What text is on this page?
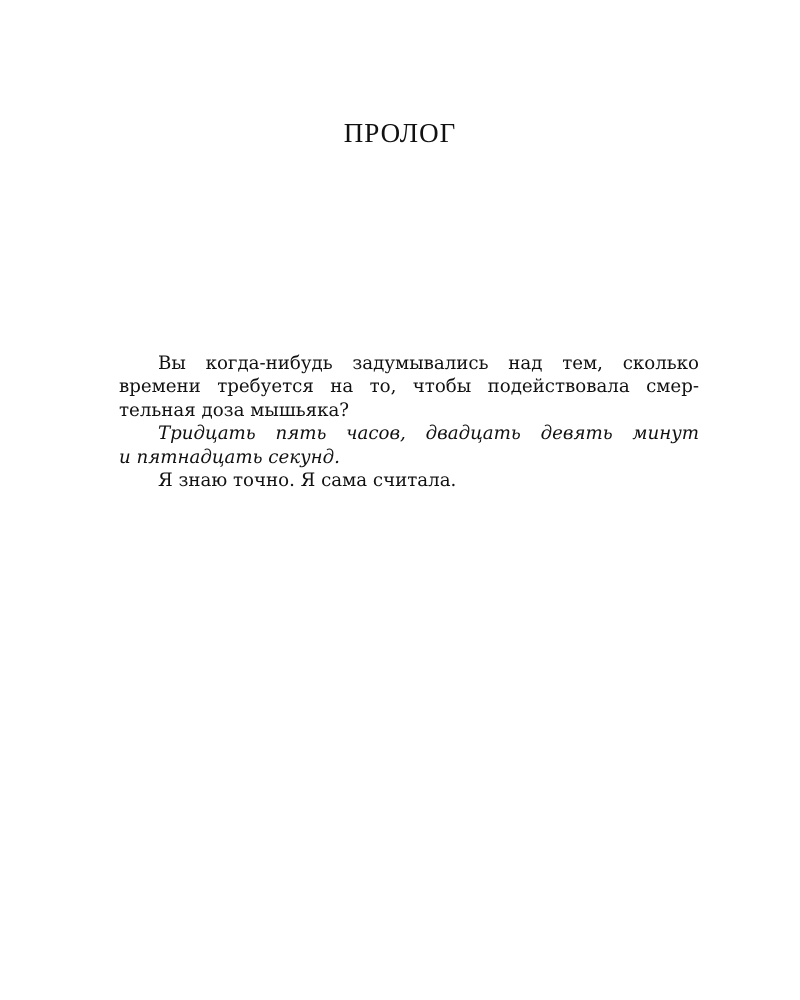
ПРОЛОГ
Вы когда-нибудь задумывались над тем, сколько
времени требуется на то, чтобы подействовала смер-
тельная доза мышьяка?
Тридцать пять часов, двадцать девять минут
и пятнадцать секунд.
Я знаю точно. Я сама считала.
